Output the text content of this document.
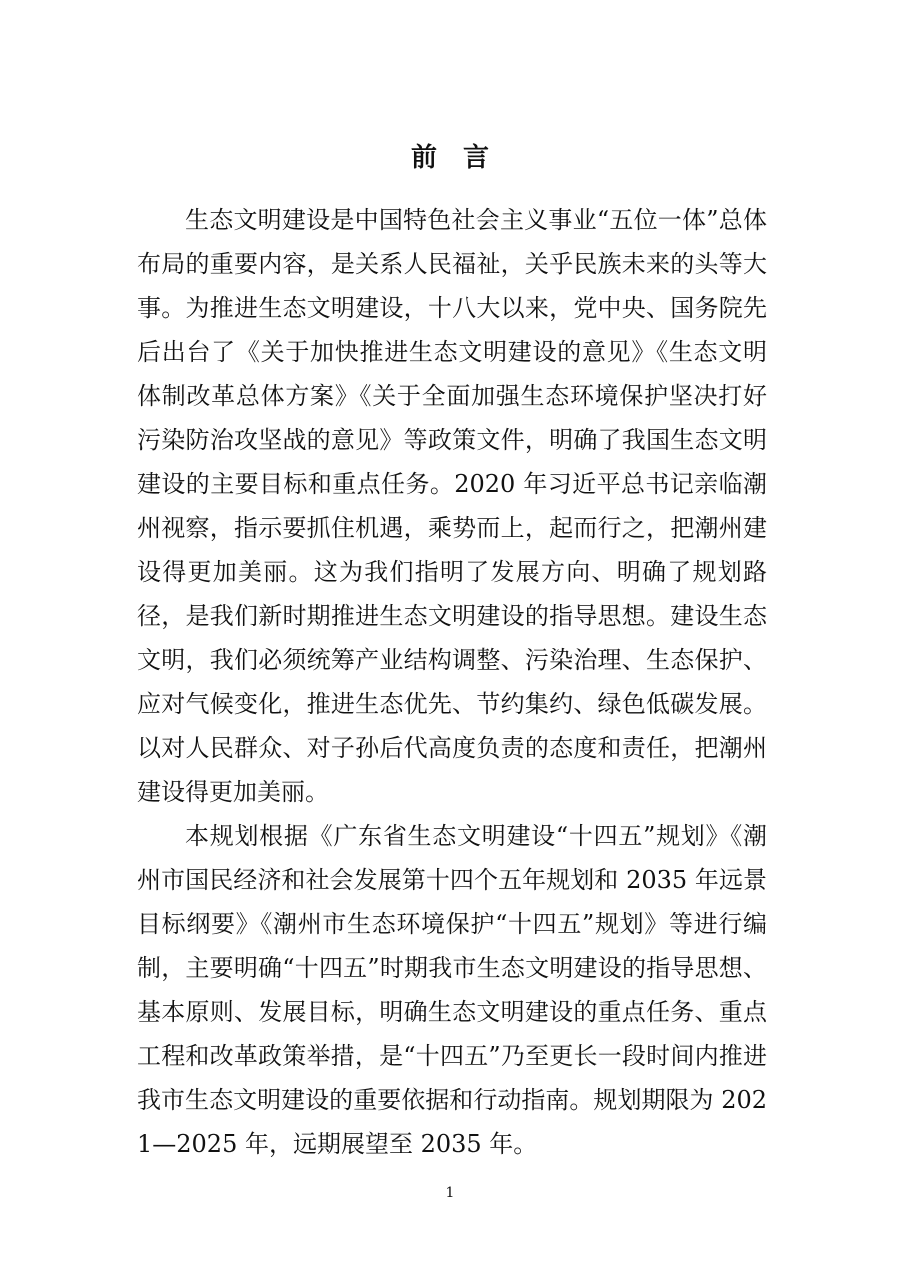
前言

生态文明建设是中国特色社会主义事业“五位一体”总体布局的重要内容，是关系人民福祉，关乎民族未来的头等大事。为推进生态文明建设，十八大以来，党中央、国务院先后出台了《关于加快推进生态文明建设的意见》《生态文明体制改革总体方案》《关于全面加强生态环境保护坚决打好污染防治攻坚战的意见》等政策文件，明确了我国生态文明建设的主要目标和重点任务。2020 年习近平总书记亲临潮州视察，指示要抓住机遇，乘势而上，起而行之，把潮州建设得更加美丽。这为我们指明了发展方向、明确了规划路径，是我们新时期推进生态文明建设的指导思想。建设生态文明，我们必须统筹产业结构调整、污染治理、生态保护、应对气候变化，推进生态优先、节约集约、绿色低碳发展。以对人民群众、对子孙后代高度负责的态度和责任，把潮州建设得更加美丽。

本规划根据《广东省生态文明建设“十四五”规划》《潮州市国民经济和社会发展第十四个五年规划和 2035 年远景目标纲要》《潮州市生态环境保护“十四五”规划》等进行编制，主要明确“十四五”时期我市生态文明建设的指导思想、基本原则、发展目标，明确生态文明建设的重点任务、重点工程和改革政策举措，是“十四五”乃至更长一段时间内推进我市生态文明建设的重要依据和行动指南。规划期限为 2021—2025 年，远期展望至 2035 年。

1
